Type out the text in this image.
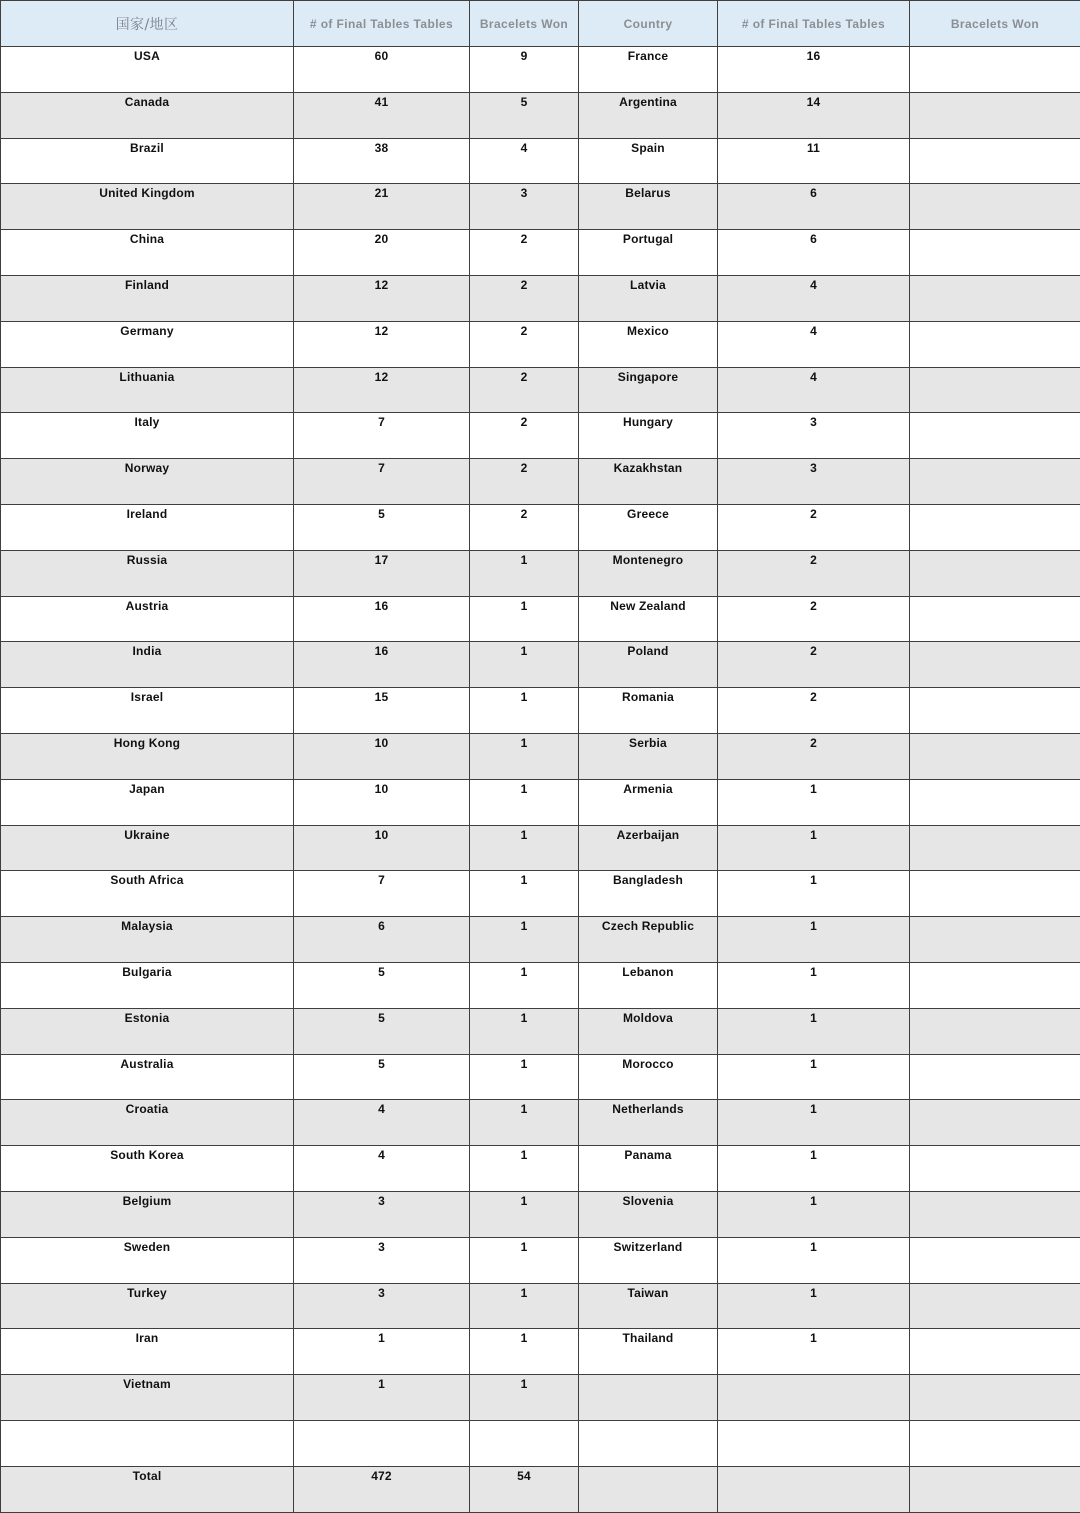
国家/地区	# of Final Tables Tables	Bracelets Won	Country	# of Final Tables Tables	Bracelets Won
USA	60	9	France	16	
Canada	41	5	Argentina	14	
Brazil	38	4	Spain	11	
United Kingdom	21	3	Belarus	6	
China	20	2	Portugal	6	
Finland	12	2	Latvia	4	
Germany	12	2	Mexico	4	
Lithuania	12	2	Singapore	4	
Italy	7	2	Hungary	3	
Norway	7	2	Kazakhstan	3	
Ireland	5	2	Greece	2	
Russia	17	1	Montenegro	2	
Austria	16	1	New Zealand	2	
India	16	1	Poland	2	
Israel	15	1	Romania	2	
Hong Kong	10	1	Serbia	2	
Japan	10	1	Armenia	1	
Ukraine	10	1	Azerbaijan	1	
South Africa	7	1	Bangladesh	1	
Malaysia	6	1	Czech Republic	1	
Bulgaria	5	1	Lebanon	1	
Estonia	5	1	Moldova	1	
Australia	5	1	Morocco	1	
Croatia	4	1	Netherlands	1	
South Korea	4	1	Panama	1	
Belgium	3	1	Slovenia	1	
Sweden	3	1	Switzerland	1	
Turkey	3	1	Taiwan	1	
Iran	1	1	Thailand	1	
Vietnam	1	1			

Total	472	54			
